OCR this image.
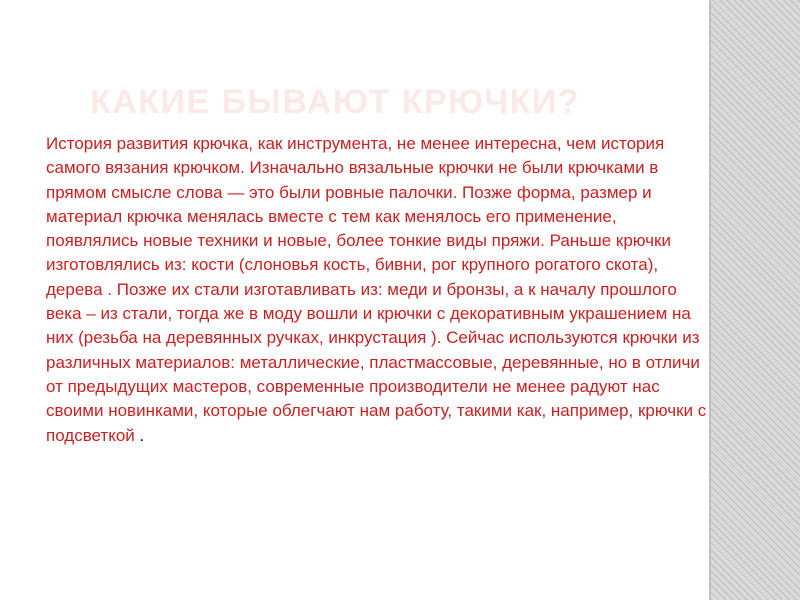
КАКИЕ БЫВАЮТ КРЮЧКИ?

История развития крючка, как инструмента, не менее интересна, чем история самого вязания крючком. Изначально вязальные крючки не были крючками в прямом смысле слова — это были ровные палочки. Позже форма, размер и материал крючка менялась вместе с тем как менялось его применение, появлялись новые техники и новые, более тонкие виды пряжи. Раньше крючки изготовлялись из: кости (слоновья кость, бивни, рог крупного рогатого скота), дерева . Позже их стали изготавливать из: меди и бронзы, а к началу прошлого века – из стали, тогда же в моду вошли и крючки с декоративным украшением на них (резьба на деревянных ручках, инкрустация ). Сейчас используются крючки из различных материалов: металлические, пластмассовые, деревянные, но в отличи от предыдущих мастеров, современные производители не менее радуют нас своими новинками, которые облегчают нам работу, такими как, например, крючки с подсветкой .
